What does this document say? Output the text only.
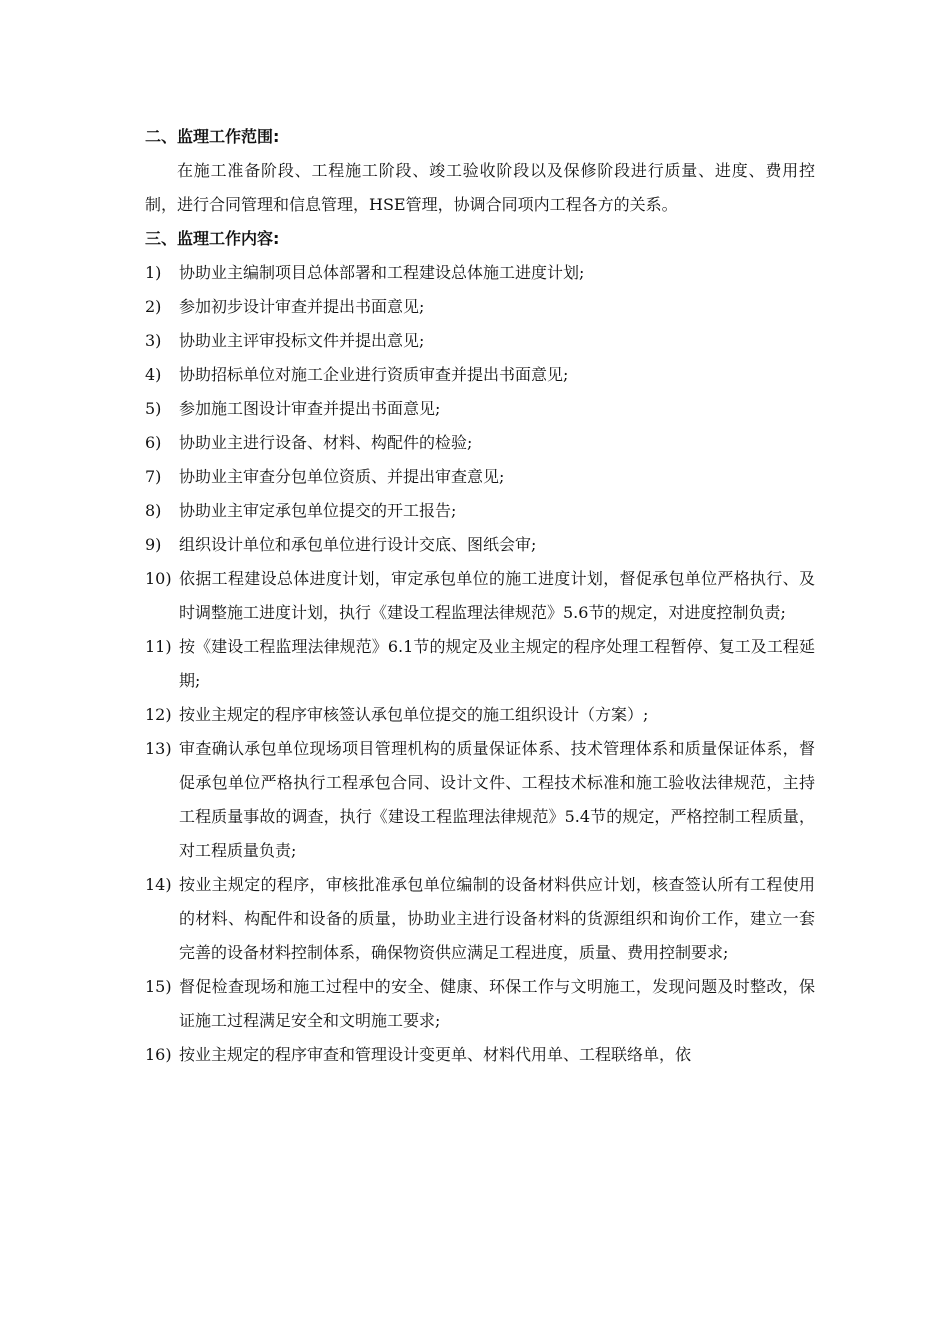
二、监理工作范围:
在施工准备阶段、工程施工阶段、竣工验收阶段以及保修阶段进行质量、进度、费用控制，进行合同管理和信息管理，HSE管理，协调合同项内工程各方的关系。
三、监理工作内容:
1) 协助业主编制项目总体部署和工程建设总体施工进度计划;
2) 参加初步设计审查并提出书面意见;
3) 协助业主评审投标文件并提出意见;
4) 协助招标单位对施工企业进行资质审查并提出书面意见;
5) 参加施工图设计审查并提出书面意见;
6) 协助业主进行设备、材料、构配件的检验;
7) 协助业主审查分包单位资质、并提出审查意见;
8) 协助业主审定承包单位提交的开工报告;
9) 组织设计单位和承包单位进行设计交底、图纸会审;
10) 依据工程建设总体进度计划，审定承包单位的施工进度计划，督促承包单位严格执行、及时调整施工进度计划，执行《建设工程监理法律规范》5.6节的规定，对进度控制负责;
11) 按《建设工程监理法律规范》6.1节的规定及业主规定的程序处理工程暂停、复工及工程延期;
12) 按业主规定的程序审核签认承包单位提交的施工组织设计（方案）;
13) 审查确认承包单位现场项目管理机构的质量保证体系、技术管理体系和质量保证体系，督促承包单位严格执行工程承包合同、设计文件、工程技术标准和施工验收法律规范，主持工程质量事故的调查，执行《建设工程监理法律规范》5.4节的规定，严格控制工程质量，对工程质量负责;
14) 按业主规定的程序，审核批准承包单位编制的设备材料供应计划，核查签认所有工程使用的材料、构配件和设备的质量，协助业主进行设备材料的货源组织和询价工作，建立一套完善的设备材料控制体系，确保物资供应满足工程进度，质量、费用控制要求;
15) 督促检查现场和施工过程中的安全、健康、环保工作与文明施工，发现问题及时整改，保证施工过程满足安全和文明施工要求;
16) 按业主规定的程序审查和管理设计变更单、材料代用单、工程联络单，依
